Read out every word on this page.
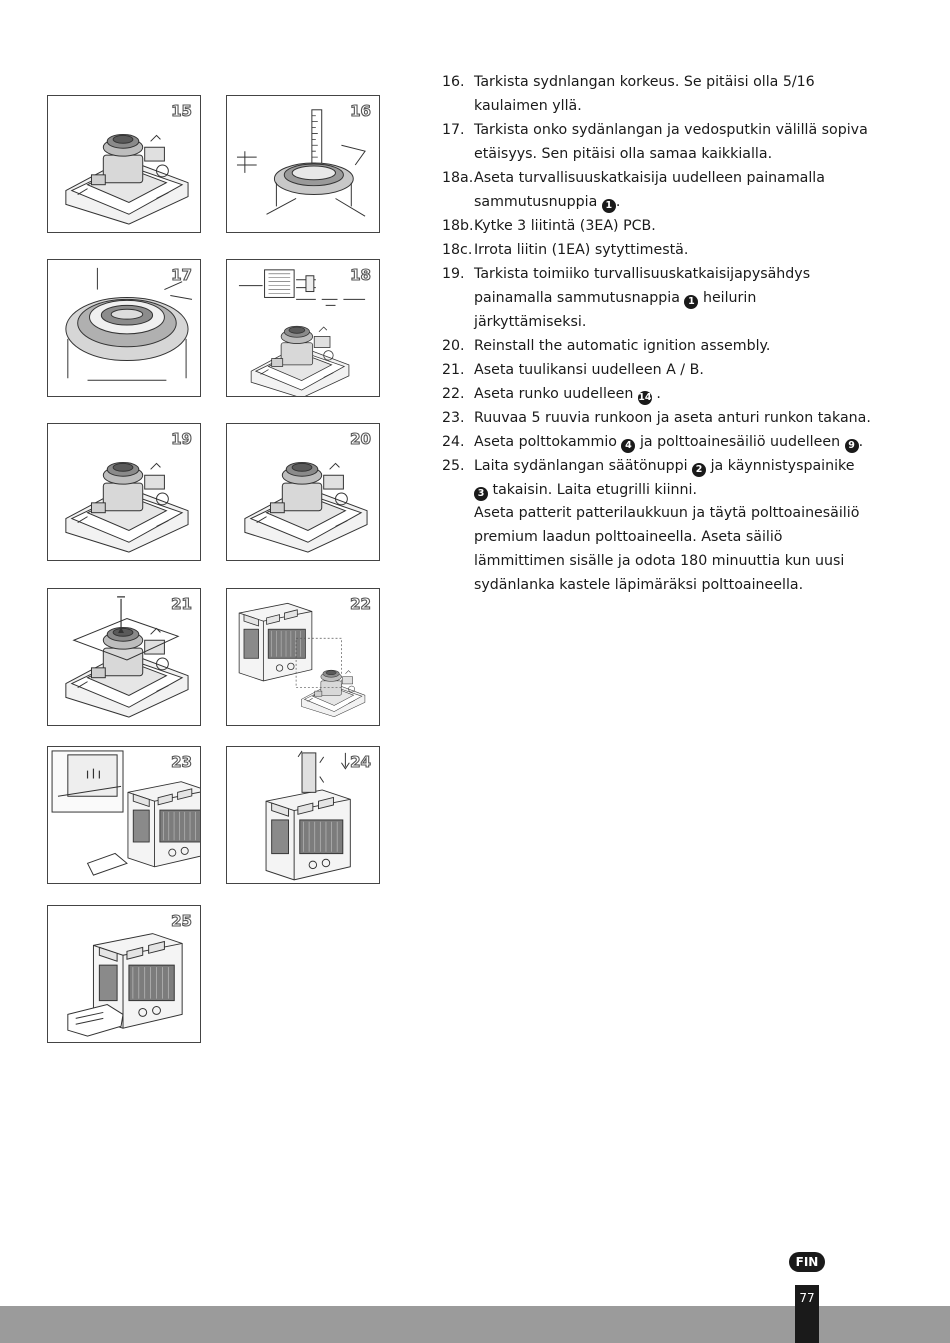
15	16
17	18
19	20
21	22
23	24
25
16. Tarkista sydnlangan korkeus. Se pitäisi olla 5/16 kaulaimen yllä.
17. Tarkista onko sydänlangan ja vedosputkin välillä sopiva etäisyys. Sen pitäisi olla samaa kaikkialla.
18a. Aseta turvallisuuskatkaisija uudelleen painamalla sammutusnuppia 1 .
18b. Kytke 3 liitintä (3EA) PCB.
18c. Irrota liitin (1EA) sytyttimestä.
19. Tarkista toimiiko turvallisuuskatkaisijapysähdys painamalla sammutusnappia 1 heilurin järkyttämiseksi.
20. Reinstall the automatic ignition assembly.
21. Aseta tuulikansi uudelleen A / B.
22. Aseta runko uudelleen 14 .
23. Ruuvaa 5 ruuvia runkoon ja aseta anturi runkon takana.
24. Aseta polttokammio 4 ja polttoainesäiliö uudelleen 9 .
25. Laita sydänlangan säätönuppi 2 ja käynnistyspainike 3 takaisin. Laita etugrilli kiinni.
Aseta patterit patterilaukkuun ja täytä polttoainesäiliö premium laadun polttoaineella. Aseta säiliö lämmittimen sisälle ja odota 180 minuuttia kun uusi sydänlanka kastele läpimäräksi polttoaineella.
77
FIN
